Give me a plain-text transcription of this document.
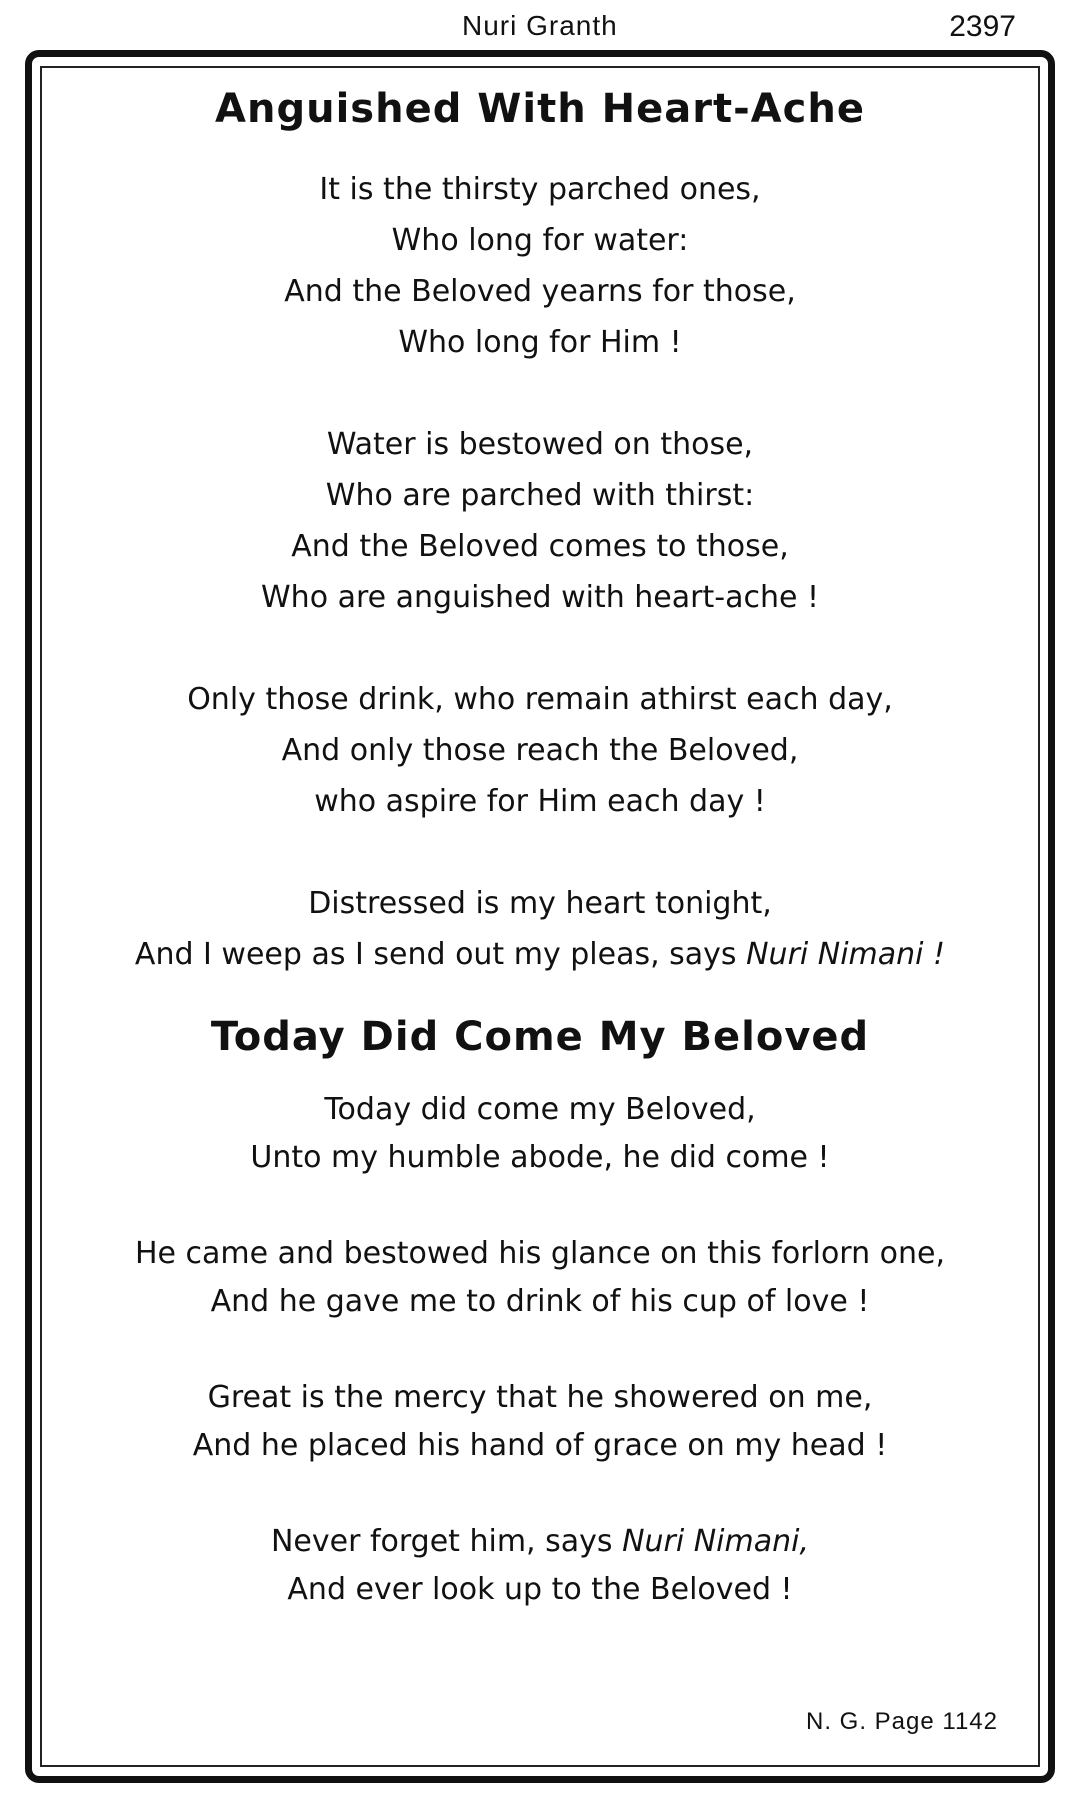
Nuri Granth	2397
Anguished With Heart-Ache
It is the thirsty parched ones,
Who long for water:
And the Beloved yearns for those,
Who long for Him !
Water is bestowed on those,
Who are parched with thirst:
And the Beloved comes to those,
Who are anguished with heart-ache !
Only those drink, who remain athirst each day,
And only those reach the Beloved,
who aspire for Him each day !
Distressed is my heart tonight,
And I weep as I send out my pleas, says Nuri Nimani !
Today Did Come My Beloved
Today did come my Beloved,
Unto my humble abode, he did come !
He came and bestowed his glance on this forlorn one,
And he gave me to drink of his cup of love !
Great is the mercy that he showered on me,
And he placed his hand of grace on my head !
Never forget him, says Nuri Nimani,
And ever look up to the Beloved !
N. G. Page 1142
